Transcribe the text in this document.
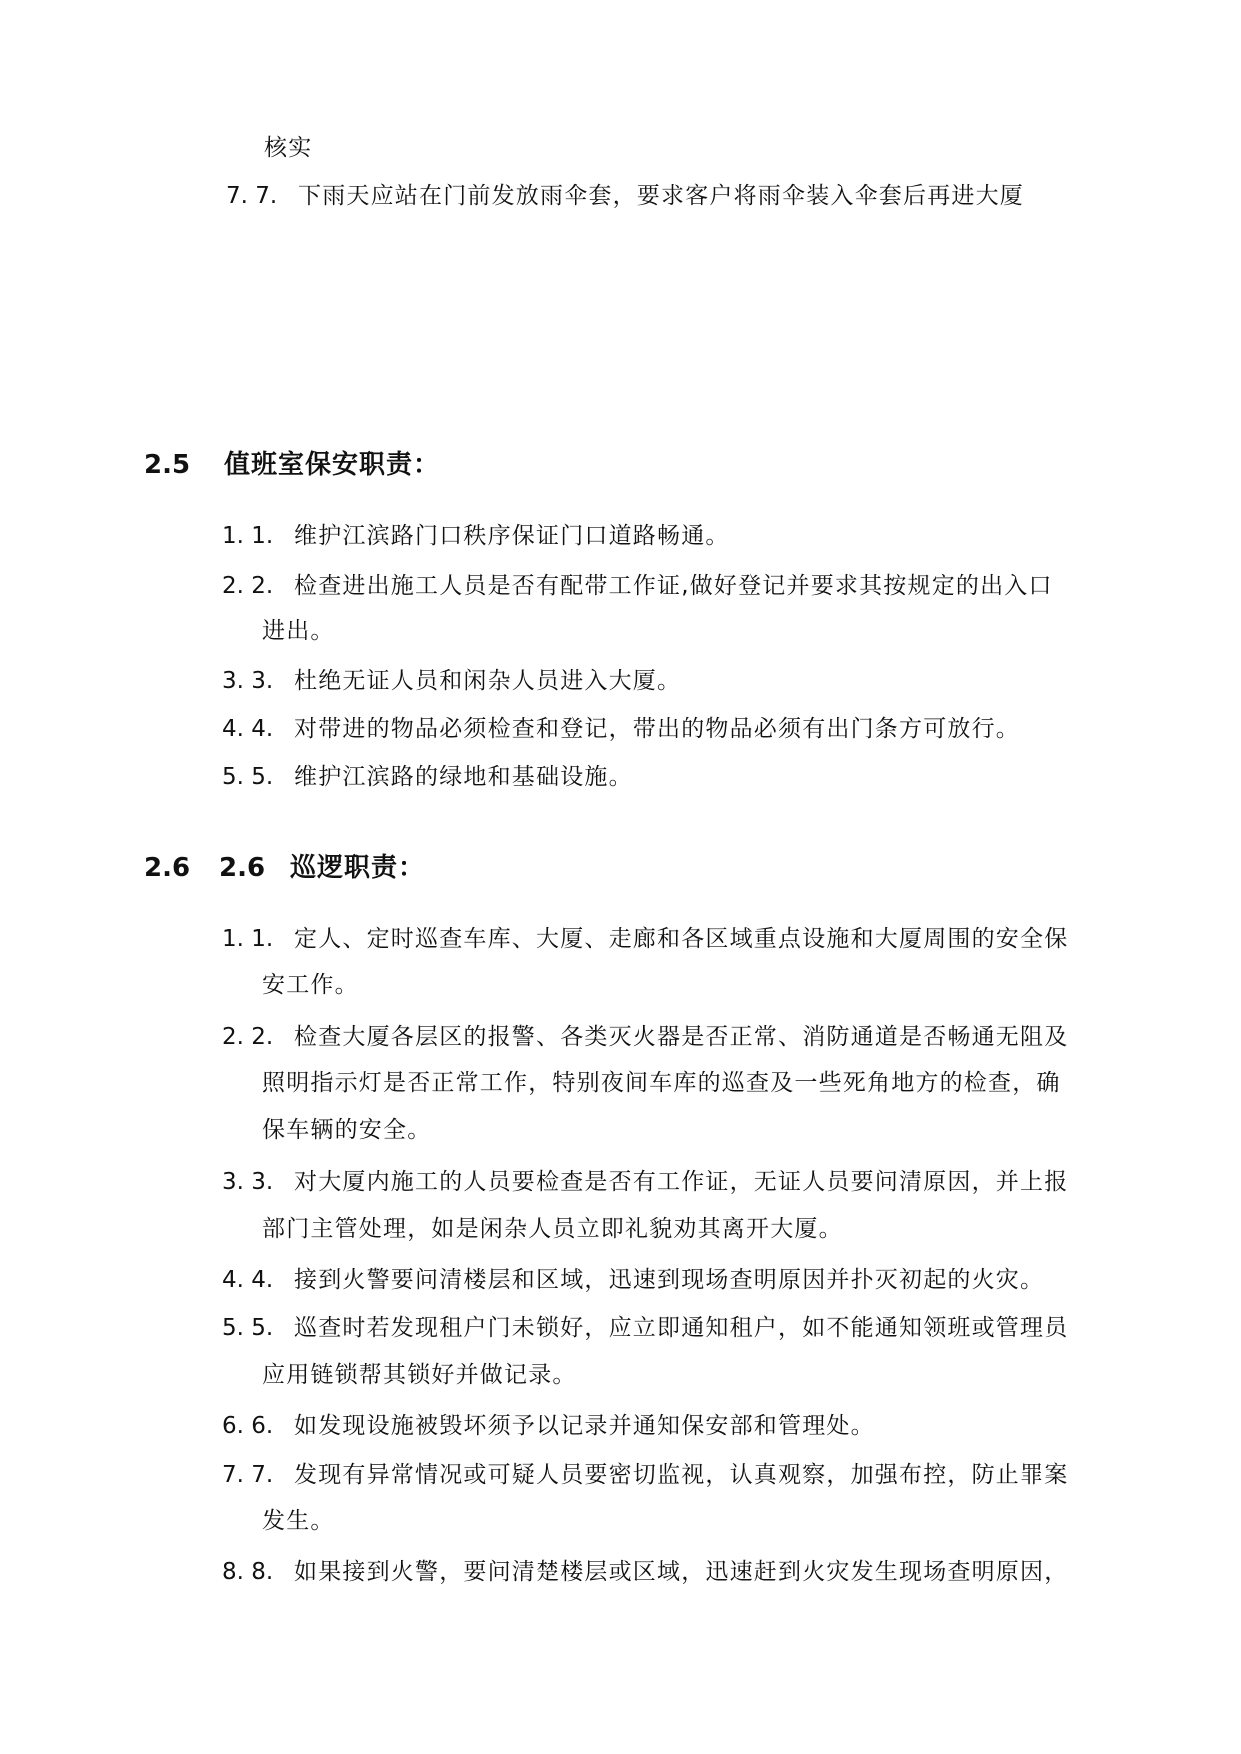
核实
7. 7. 下雨天应站在门前发放雨伞套，要求客户将雨伞装入伞套后再进大厦
2.5 值班室保安职责：
1. 1. 维护江滨路门口秩序保证门口道路畅通。
2. 2. 检查进出施工人员是否有配带工作证,做好登记并要求其按规定的出入口
进出。
3. 3. 杜绝无证人员和闲杂人员进入大厦。
4. 4. 对带进的物品必须检查和登记，带出的物品必须有出门条方可放行。
5. 5. 维护江滨路的绿地和基础设施。
2.6 2.6 巡逻职责：
1. 1. 定人、定时巡查车库、大厦、走廊和各区域重点设施和大厦周围的安全保
安工作。
2. 2. 检查大厦各层区的报警、各类灭火器是否正常、消防通道是否畅通无阻及
照明指示灯是否正常工作，特别夜间车库的巡查及一些死角地方的检查，确
保车辆的安全。
3. 3. 对大厦内施工的人员要检查是否有工作证，无证人员要问清原因，并上报
部门主管处理，如是闲杂人员立即礼貌劝其离开大厦。
4. 4. 接到火警要问清楼层和区域，迅速到现场查明原因并扑灭初起的火灾。
5. 5. 巡查时若发现租户门未锁好，应立即通知租户，如不能通知领班或管理员
应用链锁帮其锁好并做记录。
6. 6. 如发现设施被毁坏须予以记录并通知保安部和管理处。
7. 7. 发现有异常情况或可疑人员要密切监视，认真观察，加强布控，防止罪案
发生。
8. 8. 如果接到火警，要问清楚楼层或区域，迅速赶到火灾发生现场查明原因，
